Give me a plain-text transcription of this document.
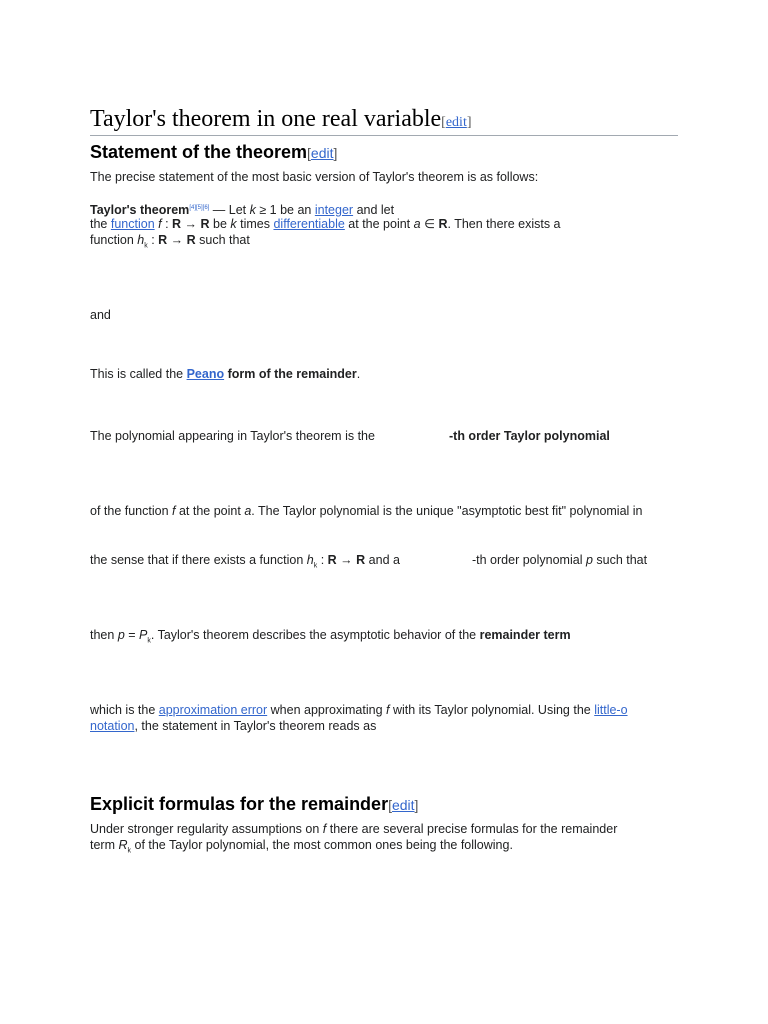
Taylor's theorem in one real variable[edit]
Statement of the theorem[edit]
The precise statement of the most basic version of Taylor's theorem is as follows:
Taylor's theorem[4][5][6] — Let k ≥ 1 be an integer and let
the function f : R → R be k times differentiable at the point a ∈ R. Then there exists a
function $h_k$ : R → R such that
and
This is called the Peano form of the remainder.
The polynomial appearing in Taylor's theorem is the	-th order Taylor polynomial
of the function f at the point a. The Taylor polynomial is the unique "asymptotic best fit" polynomial in
the sense that if there exists a function $h_k$ : R → R and a	-th order polynomial p such that
then $p = P_k$. Taylor's theorem describes the asymptotic behavior of the remainder term
which is the approximation error when approximating f with its Taylor polynomial. Using the little-o
notation, the statement in Taylor's theorem reads as
Explicit formulas for the remainder[edit]
Under stronger regularity assumptions on f there are several precise formulas for the remainder
term $R_k$ of the Taylor polynomial, the most common ones being the following.
